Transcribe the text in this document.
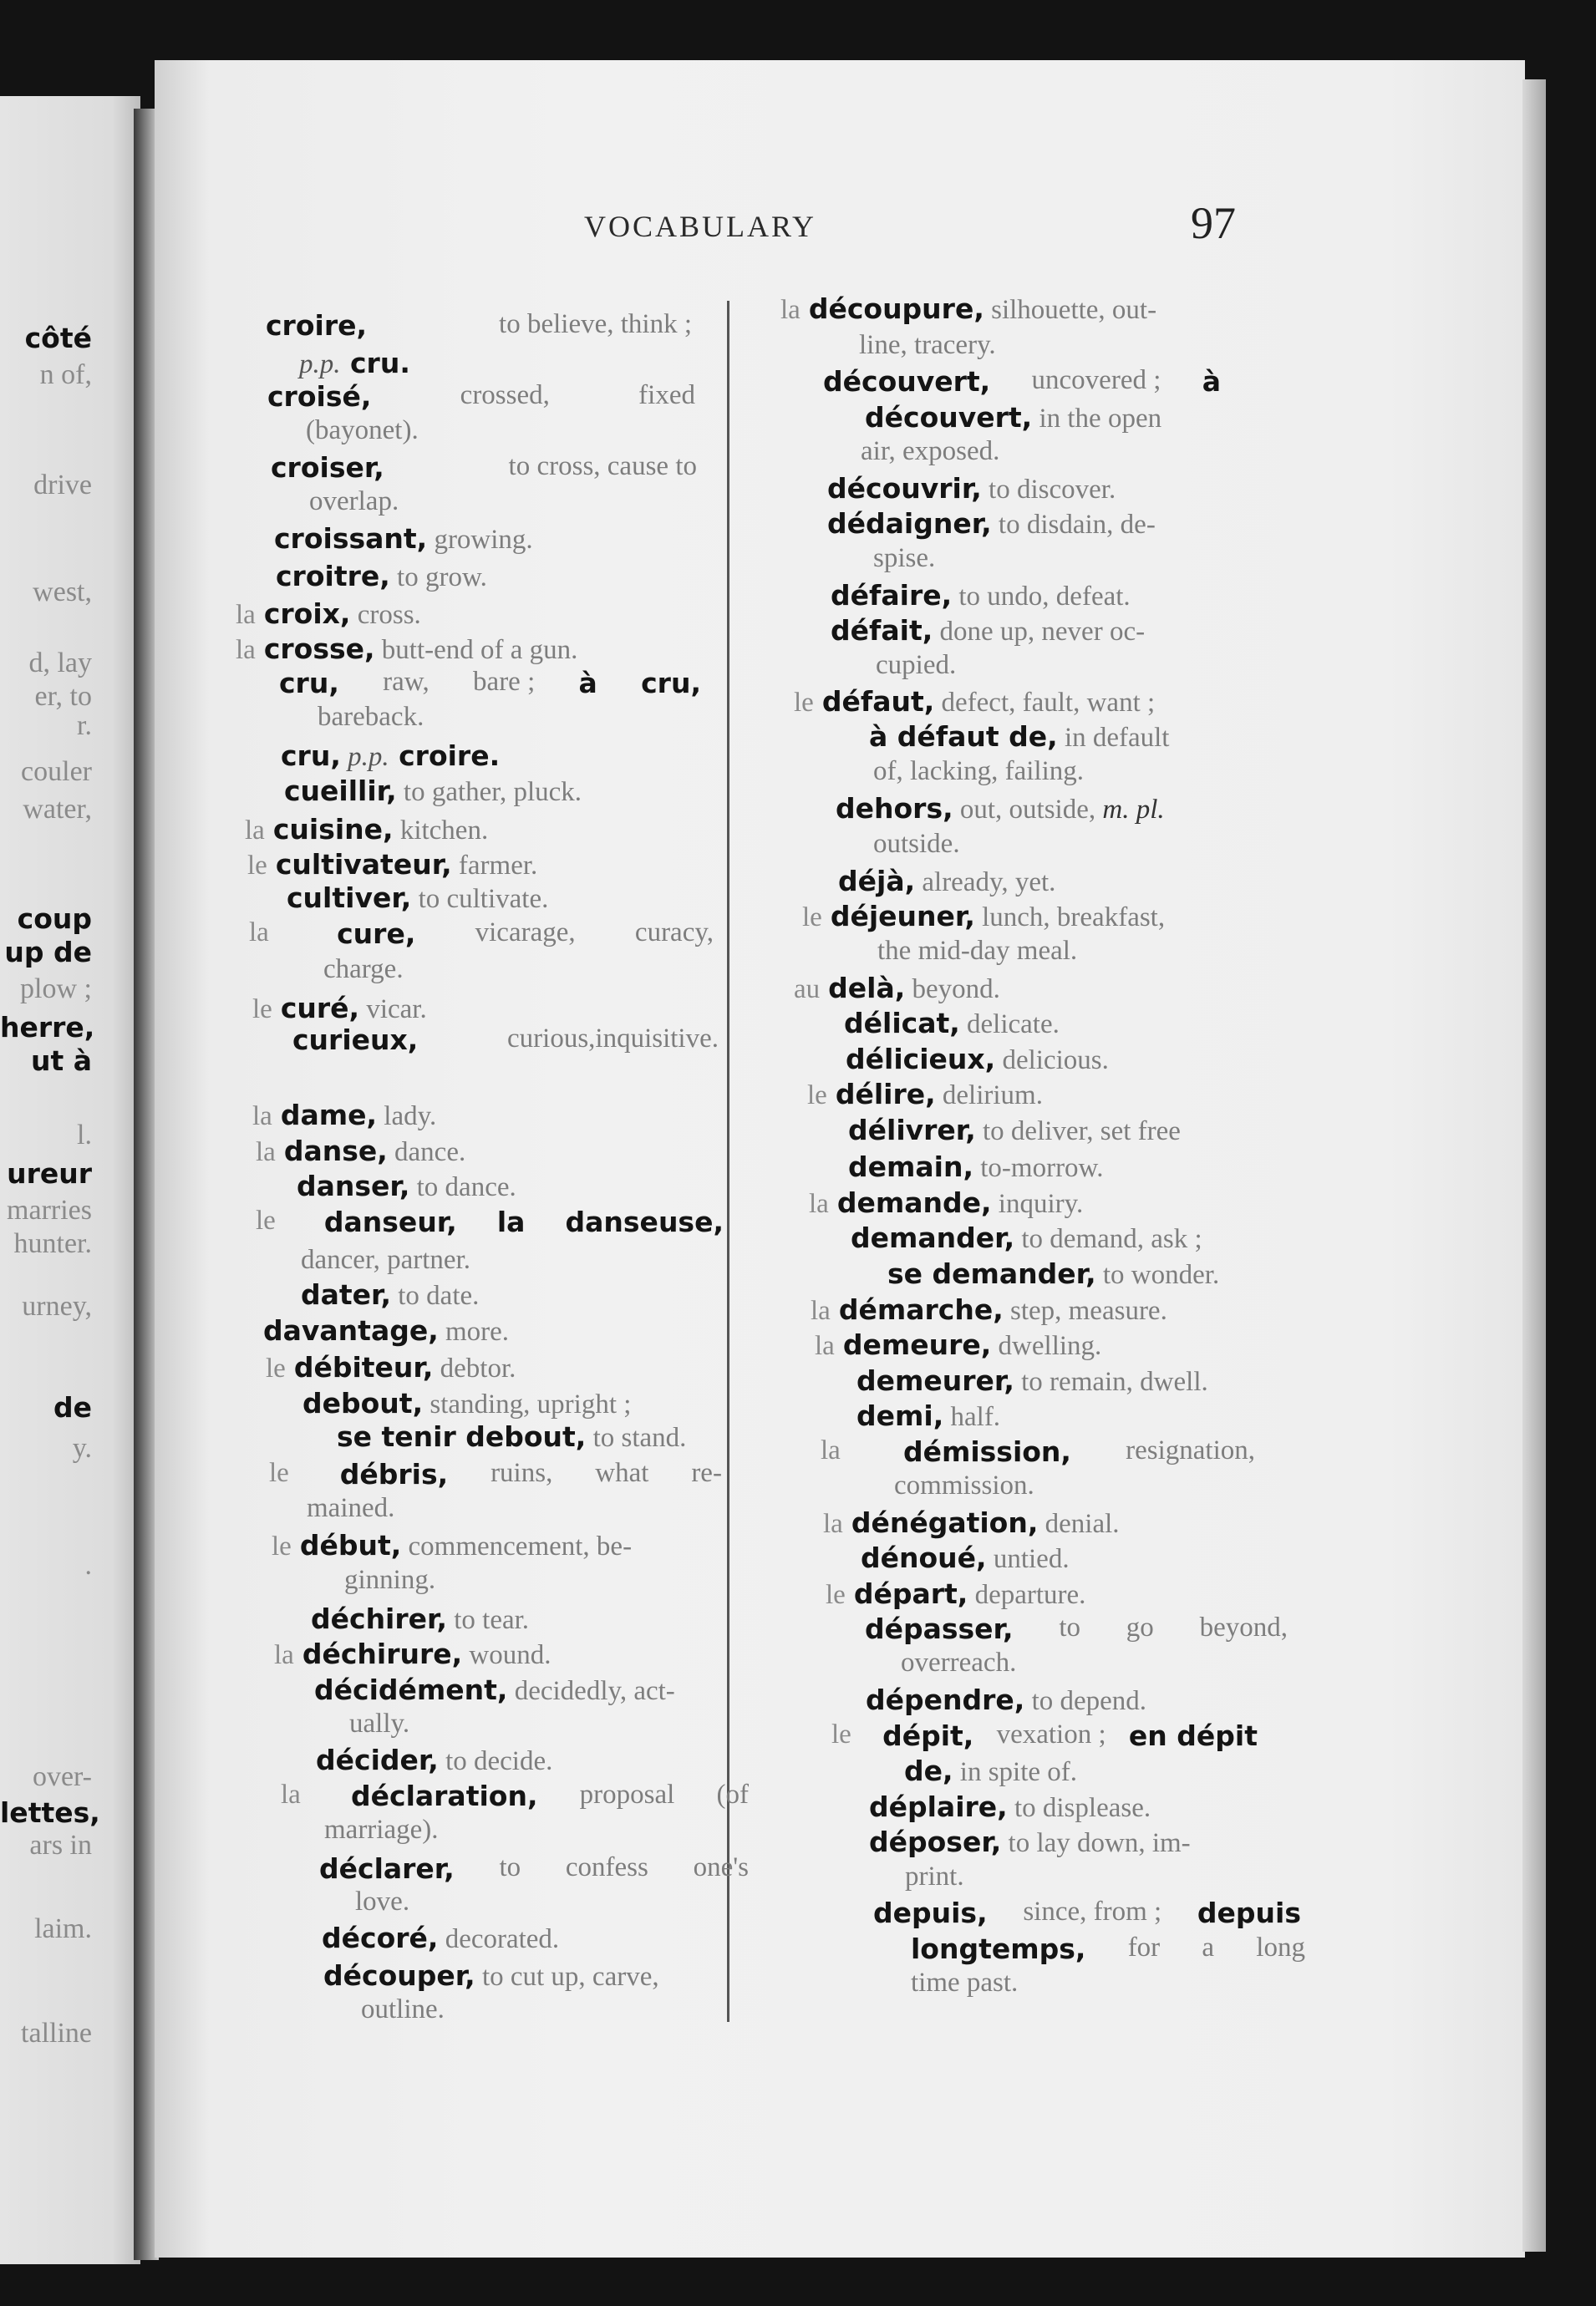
VOCABULARY	97
côté
n of,
drive
west,
d, lay
er, to
r.
couler
water,
coup
up de
plow ;
herre,
ut à
l.
ureur
marries
hunter.
urney,
de
y.
.
over-
lettes,
ars in
laim.
talline
croire,	to believe, think ;
p.p. cru.
croisé,	crossed,	fixed
(bayonet).
croiser,	to cross, cause to
overlap.
croissant, growing.
croitre, to grow.
la croix, cross.
la crosse, butt-end of a gun.
cru, raw, bare ; à cru,
bareback.
cru, p.p. croire.
cueillir, to gather, pluck.
la cuisine, kitchen.
le cultivateur, farmer.
cultiver, to cultivate.
la cure, vicarage, curacy,
charge.
le curé, vicar.
curieux,	curious,inquisitive.
la dame, lady.
la danse, dance.
danser, to dance.
le danseur, la danseuse,
dancer, partner.
dater, to date.
davantage, more.
le débiteur, debtor.
debout, standing, upright ;
se tenir debout, to stand.
le débris, ruins, what re-
mained.
le début, commencement, be-
ginning.
déchirer, to tear.
la déchirure, wound.
décidément, decidedly, act-
ually.
décider, to decide.
la déclaration, proposal (of
marriage).
déclarer, to confess one's
love.
décoré, decorated.
découper, to cut up, carve,
outline.
la découpure, silhouette, out-
line, tracery.
découvert, uncovered ; à
découvert, in the open
air, exposed.
découvrir, to discover.
dédaigner, to disdain, de-
spise.
défaire, to undo, defeat.
défait, done up, never oc-
cupied.
le défaut, defect, fault, want ;
à défaut de, in default
of, lacking, failing.
dehors, out, outside, m. pl.
outside.
déjà, already, yet.
le déjeuner, lunch, breakfast,
the mid-day meal.
au delà, beyond.
délicat, delicate.
délicieux, delicious.
le délire, delirium.
délivrer, to deliver, set free
demain, to-morrow.
la demande, inquiry.
demander, to demand, ask ;
se demander, to wonder.
la démarche, step, measure.
la demeure, dwelling.
demeurer, to remain, dwell.
demi, half.
la démission, resignation,
commission.
la dénégation, denial.
dénoué, untied.
le départ, departure.
dépasser, to go beyond,
overreach.
dépendre, to depend.
le dépit, vexation ; en dépit
de, in spite of.
déplaire, to displease.
déposer, to lay down, im-
print.
depuis, since, from ; depuis
longtemps, for a long
time past.
